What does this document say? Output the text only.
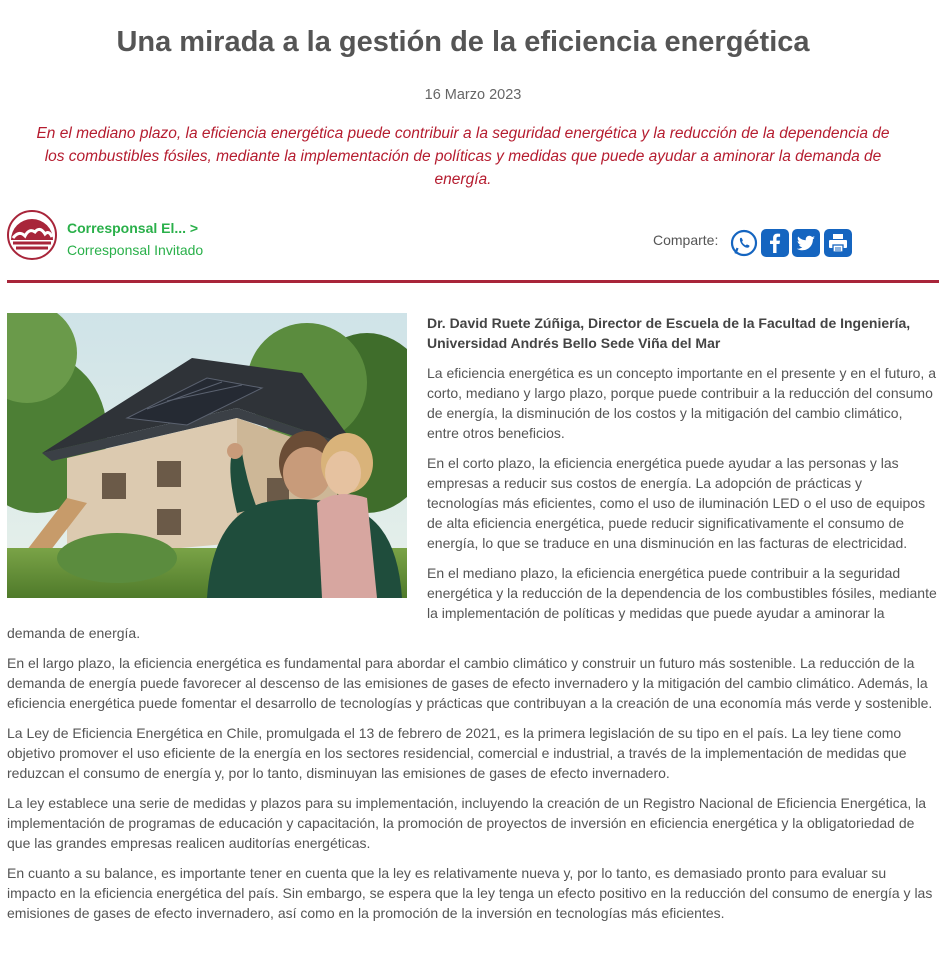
Una mirada a la gestión de la eficiencia energética
16 Marzo 2023

En el mediano plazo, la eficiencia energética puede contribuir a la seguridad energética y la reducción de la dependencia de los combustibles fósiles, mediante la implementación de políticas y medidas que puede ayudar a aminorar la demanda de energía.

Corresponsal El... >
Corresponsal Invitado
Comparte:

Dr. David Ruete Zúñiga, Director de Escuela de la Facultad de Ingeniería, Universidad Andrés Bello Sede Viña del Mar

La eficiencia energética es un concepto importante en el presente y en el futuro, a corto, mediano y largo plazo, porque puede contribuir a la reducción del consumo de energía, la disminución de los costos y la mitigación del cambio climático, entre otros beneficios.

En el corto plazo, la eficiencia energética puede ayudar a las personas y las empresas a reducir sus costos de energía. La adopción de prácticas y tecnologías más eficientes, como el uso de iluminación LED o el uso de equipos de alta eficiencia energética, puede reducir significativamente el consumo de energía, lo que se traduce en una disminución en las facturas de electricidad.

En el mediano plazo, la eficiencia energética puede contribuir a la seguridad energética y la reducción de la dependencia de los combustibles fósiles, mediante la implementación de políticas y medidas que puede ayudar a aminorar la demanda de energía.

En el largo plazo, la eficiencia energética es fundamental para abordar el cambio climático y construir un futuro más sostenible. La reducción de la demanda de energía puede favorecer al descenso de las emisiones de gases de efecto invernadero y la mitigación del cambio climático. Además, la eficiencia energética puede fomentar el desarrollo de tecnologías y prácticas que contribuyan a la creación de una economía más verde y sostenible.

La Ley de Eficiencia Energética en Chile, promulgada el 13 de febrero de 2021, es la primera legislación de su tipo en el país. La ley tiene como objetivo promover el uso eficiente de la energía en los sectores residencial, comercial e industrial, a través de la implementación de medidas que reduzcan el consumo de energía y, por lo tanto, disminuyan las emisiones de gases de efecto invernadero.

La ley establece una serie de medidas y plazos para su implementación, incluyendo la creación de un Registro Nacional de Eficiencia Energética, la implementación de programas de educación y capacitación, la promoción de proyectos de inversión en eficiencia energética y la obligatoriedad de que las grandes empresas realicen auditorías energéticas.

En cuanto a su balance, es importante tener en cuenta que la ley es relativamente nueva y, por lo tanto, es demasiado pronto para evaluar su impacto en la eficiencia energética del país. Sin embargo, se espera que la ley tenga un efecto positivo en la reducción del consumo de energía y las emisiones de gases de efecto invernadero, así como en la promoción de la inversión en tecnologías más eficientes.
